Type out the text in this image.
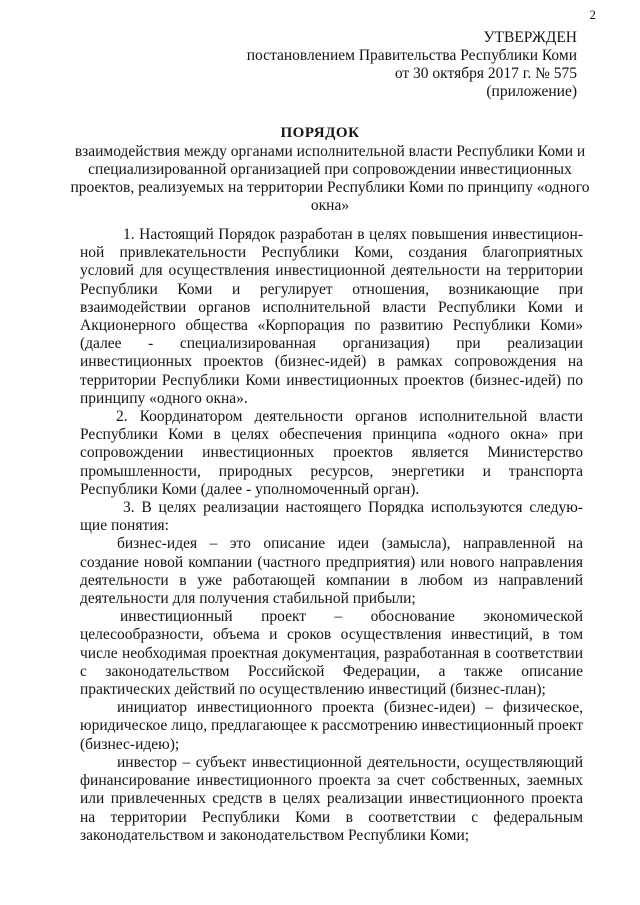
2
УТВЕРЖДЕН
постановлением Правительства Республики Коми
от 30 октября 2017 г. № 575
(приложение)
ПОРЯДОК
взаимодействия между органами исполнительной власти Республики Коми и специализированной организацией при сопровождении инвестиционных проектов, реализуемых на территории Республики Коми по принципу «одного окна»

1. Настоящий Порядок разработан в целях повышения инвестиционной привлекательности Республики Коми, создания благоприятных условий для осуществления инвестиционной деятельности на территории Республики Коми и регулирует отношения, возникающие при взаимодействии органов исполнительной власти Республики Коми и Акционерного общества «Корпорация по развитию Республики Коми» (далее - специализированная организация) при реализации инвестиционных проектов (бизнес-идей) в рамках сопровождения на территории Республики Коми инвестиционных проектов (бизнес-идей) по принципу «одного окна».

2. Координатором деятельности органов исполнительной власти Республики Коми в целях обеспечения принципа «одного окна» при сопровождении инвестиционных проектов является Министерство промышленности, природных ресурсов, энергетики и транспорта Республики Коми (далее - уполномоченный орган).

3. В целях реализации настоящего Порядка используются следующие понятия:

бизнес-идея – это описание идеи (замысла), направленной на создание новой компании (частного предприятия) или нового направления деятельности в уже работающей компании в любом из направлений деятельности для получения стабильной прибыли;

инвестиционный проект – обоснование экономической целесообразности, объема и сроков осуществления инвестиций, в том числе необходимая проектная документация, разработанная в соответствии с законодательством Российской Федерации, а также описание практических действий по осуществлению инвестиций (бизнес-план);

инициатор инвестиционного проекта (бизнес-идеи) – физическое, юридическое лицо, предлагающее к рассмотрению инвестиционный проект (бизнес-идею);

инвестор – субъект инвестиционной деятельности, осуществляющий финансирование инвестиционного проекта за счет собственных, заемных или привлеченных средств в целях реализации инвестиционного проекта на территории Республики Коми в соответствии с федеральным законодательством и законодательством Республики Коми;
